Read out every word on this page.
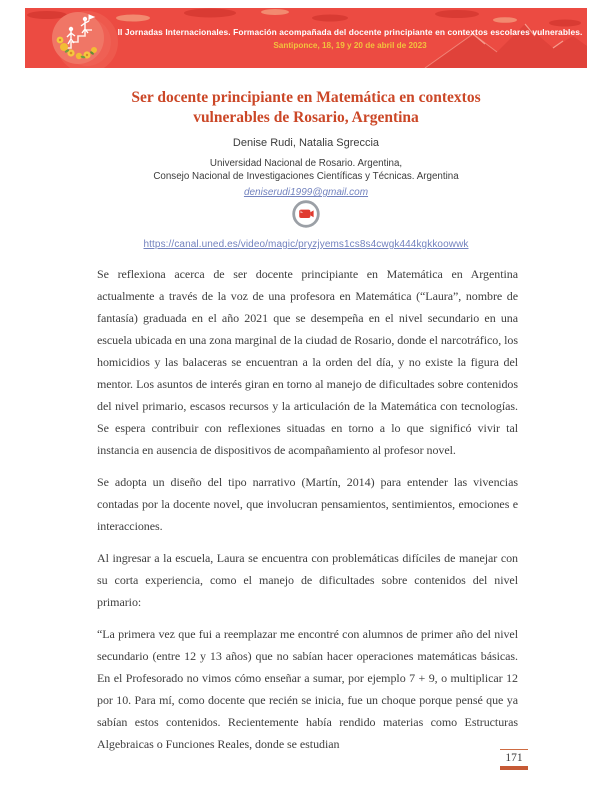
II Jornadas Internacionales. Formación acompañada del docente principiante en contextos escolares vulnerables.
Santiponce, 18, 19 y 20 de abril de 2023
Ser docente principiante en Matemática en contextos
vulnerables de Rosario, Argentina
Denise Rudi, Natalia Sgreccia
Universidad Nacional de Rosario. Argentina,
Consejo Nacional de Investigaciones Científicas y Técnicas. Argentina
deniserudi1999@gmail.com
https://canal.uned.es/video/magic/pryzjyems1cs8s4cwgk444kgkkoowwk

Se reflexiona acerca de ser docente principiante en Matemática en Argentina actualmente a través de la voz de una profesora en Matemática (“Laura”, nombre de fantasía) graduada en el año 2021 que se desempeña en el nivel secundario en una escuela ubicada en una zona marginal de la ciudad de Rosario, donde el narcotráfico, los homicidios y las balaceras se encuentran a la orden del día, y no existe la figura del mentor. Los asuntos de interés giran en torno al manejo de dificultades sobre contenidos del nivel primario, escasos recursos y la articulación de la Matemática con tecnologías. Se espera contribuir con reflexiones situadas en torno a lo que significó vivir tal instancia en ausencia de dispositivos de acompañamiento al profesor novel.

Se adopta un diseño del tipo narrativo (Martín, 2014) para entender las vivencias contadas por la docente novel, que involucran pensamientos, sentimientos, emociones e interacciones.

Al ingresar a la escuela, Laura se encuentra con problemáticas difíciles de manejar con su corta experiencia, como el manejo de dificultades sobre contenidos del nivel primario:

“La primera vez que fui a reemplazar me encontré con alumnos de primer año del nivel secundario (entre 12 y 13 años) que no sabían hacer operaciones matemáticas básicas. En el Profesorado no vimos cómo enseñar a sumar, por ejemplo 7 + 9, o multiplicar 12 por 10. Para mí, como docente que recién se inicia, fue un choque porque pensé que ya sabían estos contenidos. Recientemente había rendido materias como Estructuras Algebraicas o Funciones Reales, donde se estudian

171
